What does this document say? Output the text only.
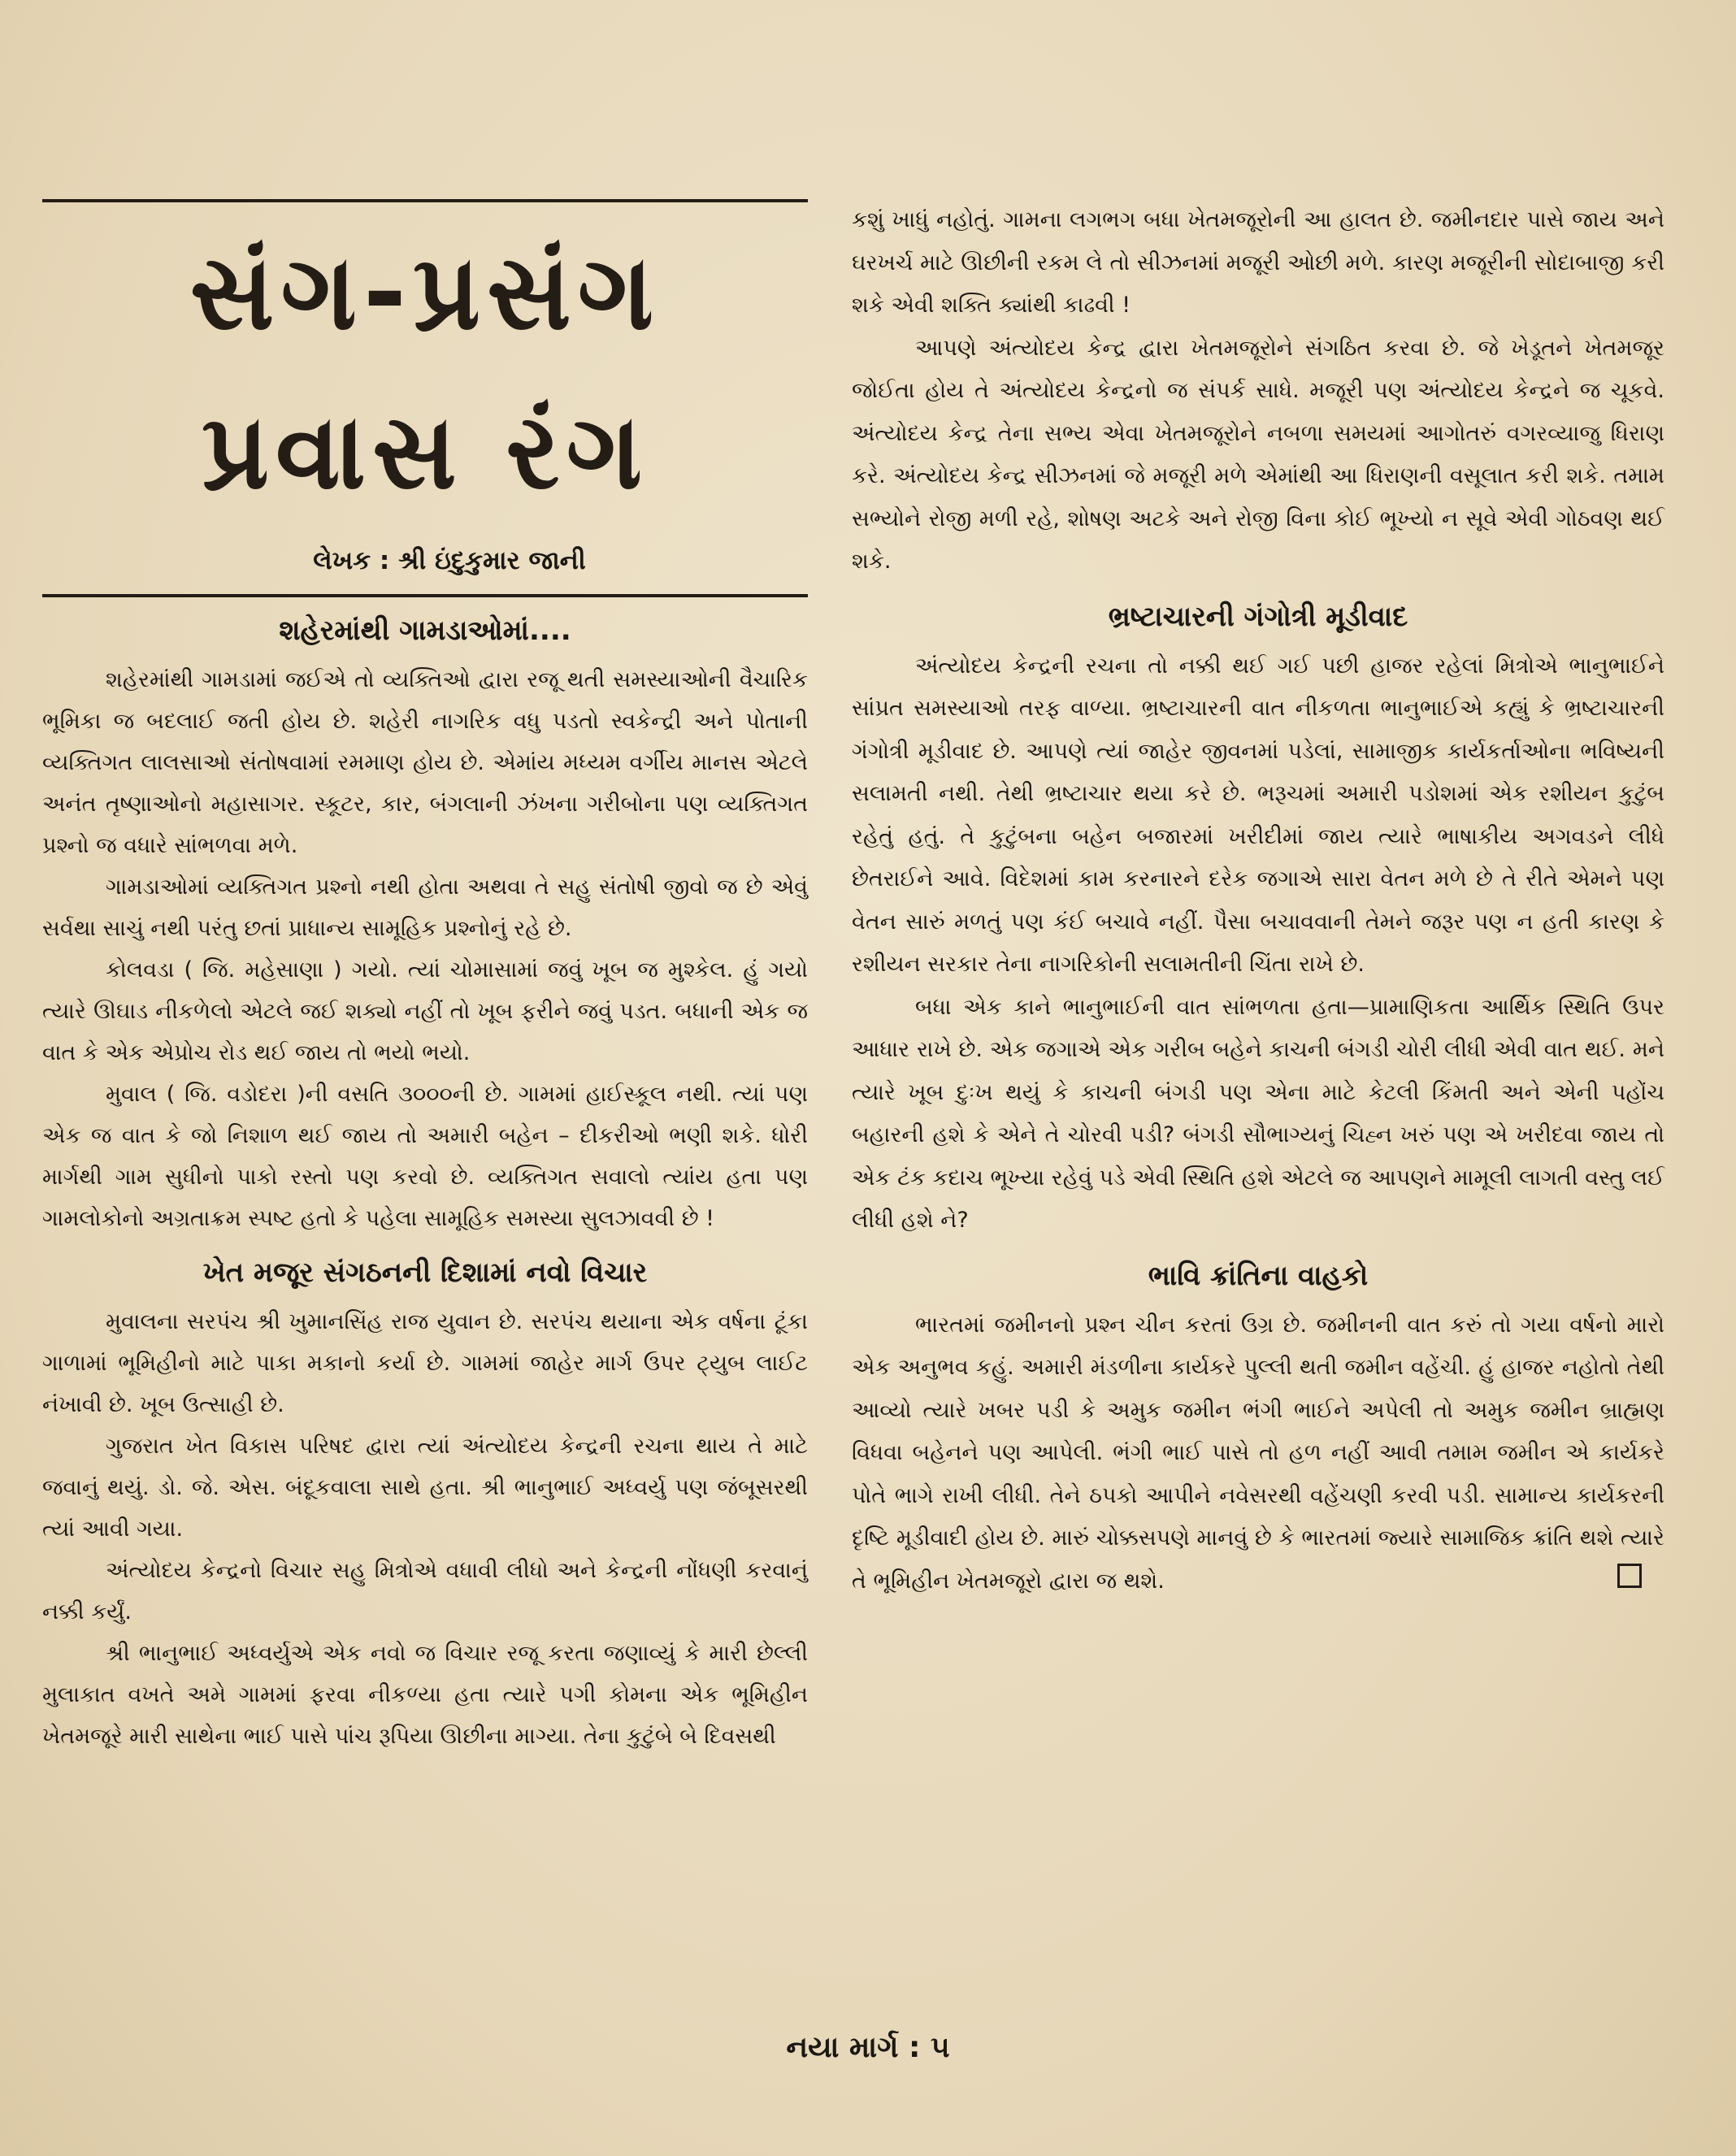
સંગ-પ્રસંગ
પ્રવાસ રંગ
લેખક : શ્રી ઇંદુકુમાર જાની
શહેરમાંથી ગામડાઓમાં....

શહેરમાંથી ગામડામાં જઈએ તો વ્યક્તિઓ દ્વારા રજૂ થતી સમસ્યાઓની વૈચારિક ભૂમિકા જ બદલાઈ જતી હોય છે. શહેરી નાગરિક વધુ પડતો સ્વકેન્દ્રી અને પોતાની વ્યક્તિગત લાલસાઓ સંતોષવામાં રમમાણ હોય છે. એમાંય મધ્યમ વર્ગીય માનસ એટલે અનંત તૃષ્ણાઓનો મહાસાગર. સ્કૂટર, કાર, બંગલાની ઝંખના ગરીબોના પણ વ્યક્તિગત પ્રશ્નો જ વધારે સાંભળવા મળે.

ગામડાઓમાં વ્યક્તિગત પ્રશ્નો નથી હોતા અથવા તે સહુ સંતોષી જીવો જ છે એવું સર્વથા સાચું નથી પરંતુ છતાં પ્રાધાન્ય સામૂહિક પ્રશ્નોનું રહે છે.

કોલવડા ( જિ. મહેસાણા ) ગયો. ત્યાં ચોમાસામાં જવું ખૂબ જ મુશ્કેલ. હું ગયો ત્યારે ઊઘાડ નીકળેલો એટલે જઈ શક્યો નહીં તો ખૂબ ફરીને જવું પડત. બધાની એક જ વાત કે એક એપ્રોચ રોડ થઈ જાય તો ભયો ભયો.

મુવાલ ( જિ. વડોદરા )ની વસતિ ૩૦૦૦ની છે. ગામમાં હાઈસ્કૂલ નથી. ત્યાં પણ એક જ વાત કે જો નિશાળ થઈ જાય તો અમારી બહેન – દીકરીઓ ભણી શકે. ધોરી માર્ગથી ગામ સુધીનો પાકો રસ્તો પણ કરવો છે. વ્યક્તિગત સવાલો ત્યાંય હતા પણ ગામલોકોનો અગ્રતાક્રમ સ્પષ્ટ હતો કે પહેલા સામૂહિક સમસ્યા સુલઝાવવી છે !

ખેત મજૂર સંગઠનની દિશામાં નવો વિચાર

મુવાલના સરપંચ શ્રી ખુમાનસિંહ રાજ યુવાન છે. સરપંચ થયાના એક વર્ષના ટૂંકા ગાળામાં ભૂમિહીનો માટે પાકા મકાનો કર્યા છે. ગામમાં જાહેર માર્ગ ઉપર ટ્યુબ લાઈટ નંખાવી છે. ખૂબ ઉત્સાહી છે.

ગુજરાત ખેત વિકાસ પરિષદ દ્વારા ત્યાં અંત્યોદય કેન્દ્રની રચના થાય તે માટે જવાનું થયું. ડો. જે. એસ. બંદૂકવાલા સાથે હતા. શ્રી ભાનુભાઈ અધ્વર્યુ પણ જંબૂસરથી ત્યાં આવી ગયા.

અંત્યોદય કેન્દ્રનો વિચાર સહુ મિત્રોએ વધાવી લીધો અને કેન્દ્રની નોંધણી કરવાનું નક્કી કર્યું.

શ્રી ભાનુભાઈ અધ્વર્યુએ એક નવો જ વિચાર રજૂ કરતા જણાવ્યું કે મારી છેલ્લી મુલાકાત વખતે અમે ગામમાં ફરવા નીકળ્યા હતા ત્યારે પગી કોમના એક ભૂમિહીન ખેતમજૂરે મારી સાથેના ભાઈ પાસે પાંચ રૂપિયા ઊછીના માગ્યા. તેના કુટુંબે બે દિવસથી

કશું ખાધું નહોતું. ગામના લગભગ બધા ખેતમજૂરોની આ હાલત છે. જમીનદાર પાસે જાય અને ઘરખર્ચ માટે ઊછીની રકમ લે તો સીઝનમાં મજૂરી ઓછી મળે. કારણ મજૂરીની સોદાબાજી કરી શકે એવી શક્તિ ક્યાંથી કાઢવી !

આપણે અંત્યોદય કેન્દ્ર દ્વારા ખેતમજૂરોને સંગઠિત કરવા છે. જે ખેડૂતને ખેતમજૂર જોઈતા હોય તે અંત્યોદય કેન્દ્રનો જ સંપર્ક સાધે. મજૂરી પણ અંત્યોદય કેન્દ્રને જ ચૂકવે. અંત્યોદય કેન્દ્ર તેના સભ્ય એવા ખેતમજૂરોને નબળા સમયમાં આગોતરું વગરવ્યાજુ ધિરાણ કરે. અંત્યોદય કેન્દ્ર સીઝનમાં જે મજૂરી મળે એમાંથી આ ધિરાણની વસૂલાત કરી શકે. તમામ સભ્યોને રોજી મળી રહે, શોષણ અટકે અને રોજી વિના કોઈ ભૂખ્યો ન સૂવે એવી ગોઠવણ થઈ શકે.

ભ્રષ્ટાચારની ગંગોત્રી મૂડીવાદ

અંત્યોદય કેન્દ્રની રચના તો નક્કી થઈ ગઈ પછી હાજર રહેલાં મિત્રોએ ભાનુભાઈને સાંપ્રત સમસ્યાઓ તરફ વાળ્યા. ભ્રષ્ટાચારની વાત નીકળતા ભાનુભાઈએ કહ્યું કે ભ્રષ્ટાચારની ગંગોત્રી મૂડીવાદ છે. આપણે ત્યાં જાહેર જીવનમાં પડેલાં, સામાજીક કાર્યકર્તાઓના ભવિષ્યની સલામતી નથી. તેથી ભ્રષ્ટાચાર થયા કરે છે. ભરૂચમાં અમારી પડોશમાં એક રશીયન કુટુંબ રહેતું હતું. તે કુટુંબના બહેન બજારમાં ખરીદીમાં જાય ત્યારે ભાષાકીય અગવડને લીધે છેતરાઈને આવે. વિદેશમાં કામ કરનારને દરેક જગાએ સારા વેતન મળે છે તે રીતે એમને પણ વેતન સારું મળતું પણ કંઈ બચાવે નહીં. પૈસા બચાવવાની તેમને જરૂર પણ ન હતી કારણ કે રશીયન સરકાર તેના નાગરિકોની સલામતીની ચિંતા રાખે છે.

બધા એક કાને ભાનુભાઈની વાત સાંભળતા હતા—પ્રામાણિકતા આર્થિક સ્થિતિ ઉપર આધાર રાખે છે. એક જગાએ એક ગરીબ બહેને કાચની બંગડી ચોરી લીધી એવી વાત થઈ. મને ત્યારે ખૂબ દુઃખ થયું કે કાચની બંગડી પણ એના માટે કેટલી કિંમતી અને એની પહોંચ બહારની હશે કે એને તે ચોરવી પડી? બંગડી સૌભાગ્યનું ચિહ્ન ખરું પણ એ ખરીદવા જાય તો એક ટંક કદાચ ભૂખ્યા રહેવું પડે એવી સ્થિતિ હશે એટલે જ આપણને મામૂલી લાગતી વસ્તુ લઈ લીધી હશે ને?

ભાવિ ક્રાંતિના વાહકો

ભારતમાં જમીનનો પ્રશ્ન ચીન કરતાં ઉગ્ર છે. જમીનની વાત કરું તો ગયા વર્ષનો મારો એક અનુભવ કહું. અમારી મંડળીના કાર્યકરે પુલ્લી થતી જમીન વહેંચી. હું હાજર નહોતો તેથી આવ્યો ત્યારે ખબર પડી કે અમુક જમીન ભંગી ભાઈને અપેલી તો અમુક જમીન બ્રાહ્મણ વિધવા બહેનને પણ આપેલી. ભંગી ભાઈ પાસે તો હળ નહીં આવી તમામ જમીન એ કાર્યકરે પોતે ભાગે રાખી લીધી. તેને ઠપકો આપીને નવેસરથી વહેંચણી કરવી પડી. સામાન્ય કાર્યકરની દૃષ્ટિ મૂડીવાદી હોય છે. મારું ચોક્કસપણે માનવું છે કે ભારતમાં જ્યારે સામાજિક ક્રાંતિ થશે ત્યારે તે ભૂમિહીન ખેતમજૂરો દ્વારા જ થશે.

નયા માર્ગ : ૫
